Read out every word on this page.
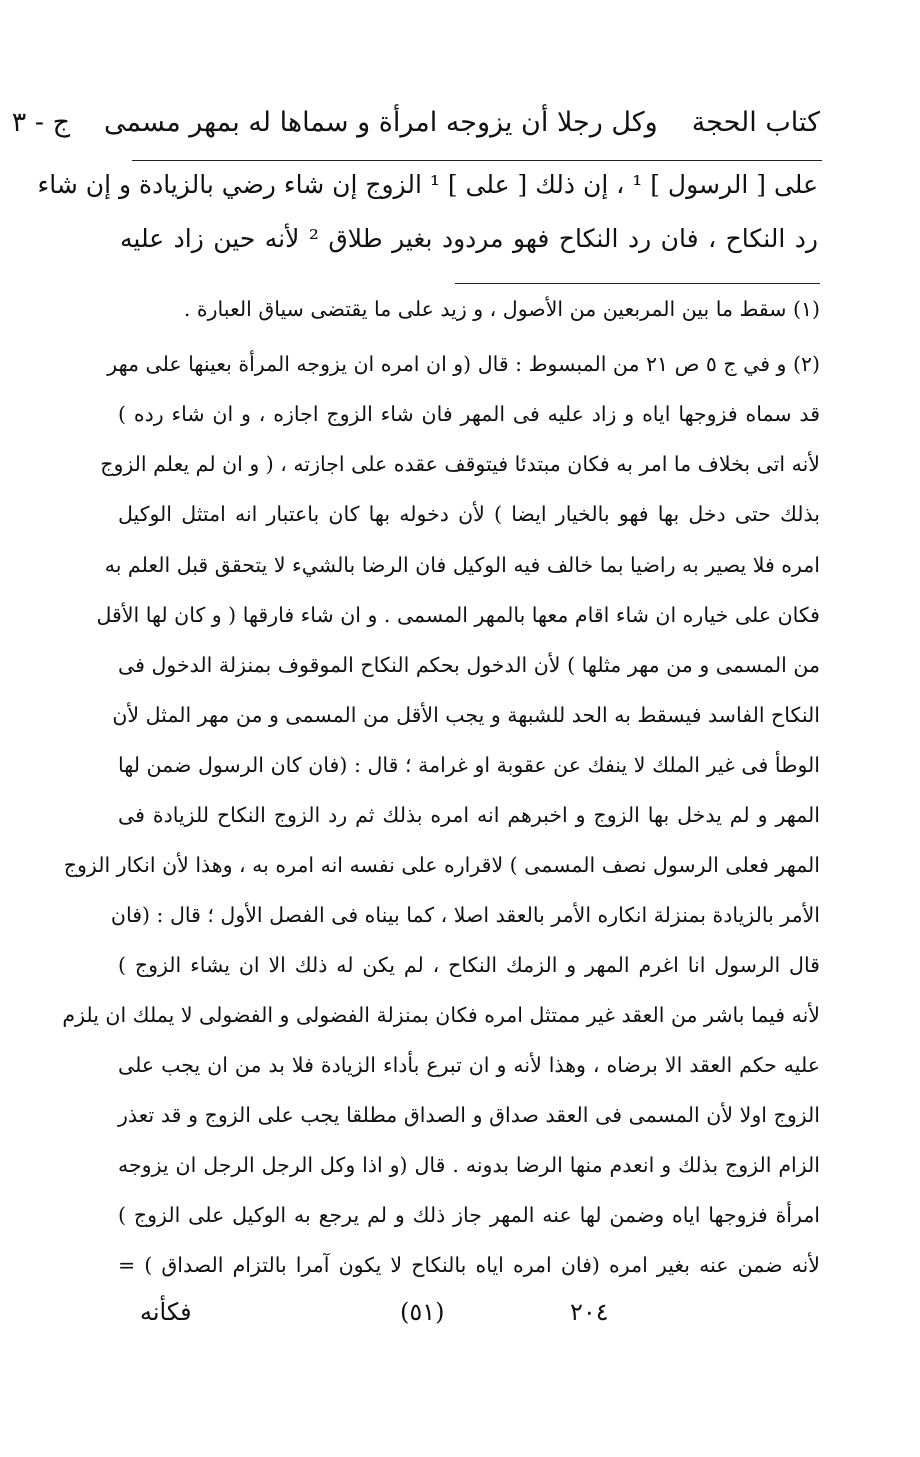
كتاب الحجة
وكل رجلا أن يزوجه امرأة و سماها له بمهر مسمى
ج - ٣
على [ الرسول ] ¹ ، إن ذلك [ على ] ¹ الزوج إن شاء رضي بالزيادة و إن شاء
رد النكاح ، فان رد النكاح فهو مردود بغير طلاق ² لأنه حين زاد عليه
(١) سقط ما بين المربعين من الأصول ، و زيد على ما يقتضى سياق العبارة .
(٢) و في ج ٥ ص ٢١ من المبسوط : قال (و ان امره ان يزوجه المرأة بعينها على مهر
قد سماه فزوجها اياه و زاد عليه فى المهر فان شاء الزوج اجازه ، و ان شاء رده )
لأنه اتى بخلاف ما امر به فكان مبتدئا فيتوقف عقده على اجازته ، ( و ان لم يعلم الزوج
بذلك حتى دخل بها فهو بالخيار ايضا ) لأن دخوله بها كان باعتبار انه امتثل الوكيل
امره فلا يصير به راضيا بما خالف فيه الوكيل فان الرضا بالشيء لا يتحقق قبل العلم به
فكان على خياره ان شاء اقام معها بالمهر المسمى . و ان شاء فارقها ( و كان لها الأقل
من المسمى و من مهر مثلها ) لأن الدخول بحكم النكاح الموقوف بمنزلة الدخول فى
النكاح الفاسد فيسقط به الحد للشبهة و يجب الأقل من المسمى و من مهر المثل لأن
الوطأ فى غير الملك لا ينفك عن عقوبة او غرامة ؛ قال : (فان كان الرسول ضمن لها
المهر و لم يدخل بها الزوج و اخبرهم انه امره بذلك ثم رد الزوج النكاح للزيادة فى
المهر فعلى الرسول نصف المسمى ) لاقراره على نفسه انه امره به ، وهذا لأن انكار الزوج
الأمر بالزيادة بمنزلة انكاره الأمر بالعقد اصلا ، كما بيناه فى الفصل الأول ؛ قال : (فان
قال الرسول انا اغرم المهر و الزمك النكاح ، لم يكن له ذلك الا ان يشاء الزوج )
لأنه فيما باشر من العقد غير ممتثل امره فكان بمنزلة الفضولى و الفضولى لا يملك ان يلزم
عليه حكم العقد الا برضاه ، وهذا لأنه و ان تبرع بأداء الزيادة فلا بد من ان يجب على
الزوج اولا لأن المسمى فى العقد صداق و الصداق مطلقا يجب على الزوج و قد تعذر
الزام الزوج بذلك و انعدم منها الرضا بدونه . قال (و اذا وكل الرجل الرجل ان يزوجه
امرأة فزوجها اياه وضمن لها عنه المهر جاز ذلك و لم يرجع به الوكيل على الزوج )
لأنه ضمن عنه بغير امره (فان امره اياه بالنكاح لا يكون آمرا بالتزام الصداق ) =
٢٠٤
(٥١)
فكأنه
